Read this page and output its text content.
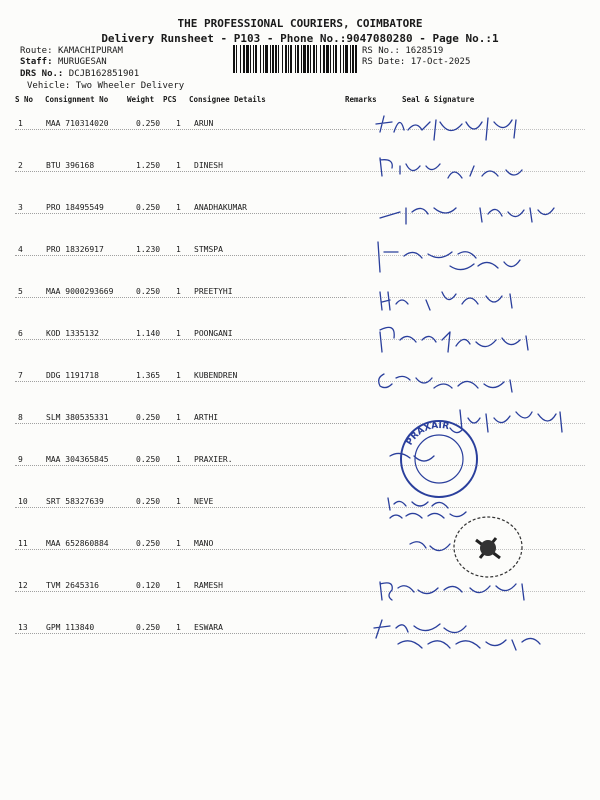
THE PROFESSIONAL COURIERS, COIMBATORE
Delivery Runsheet - P103 - Phone No.:9047080280 - Page No.:1
Route: KAMACHIPURAM
Staff: MURUGESAN
DRS No.: DCJB162851901
Vehicle: Two Wheeler Delivery
RS No.: 1628519
RS Date: 17-Oct-2025
S No Consignment No	Weight PCS Consignee Details	Remarks	Seal & Signature
1	MAA 710314020	0.250 1 ARUN
2	BTU 396168	1.250 1 DINESH
3	PRO 18495549	0.250 1 ANADHAKUMAR
4	PRO 18326917	1.230 1 STMSPA
5	MAA 9000293669	0.250 1 PREETYHI
6	KOD 1335132	1.140 1 POONGANI
7	DDG 1191718	1.365 1 KUBENDREN
8	SLM 380535331	0.250 1 ARTHI
9	MAA 304365845	0.250 1 PRAXIER.
10 SRT 58327639	0.250 1 NEVE
11 MAA 652860884	0.250 1 MANO
12 TVM 2645316	0.120 1 RAMESH
13 GPM 113840	0.250 1 ESWARA
PRAXAIR
